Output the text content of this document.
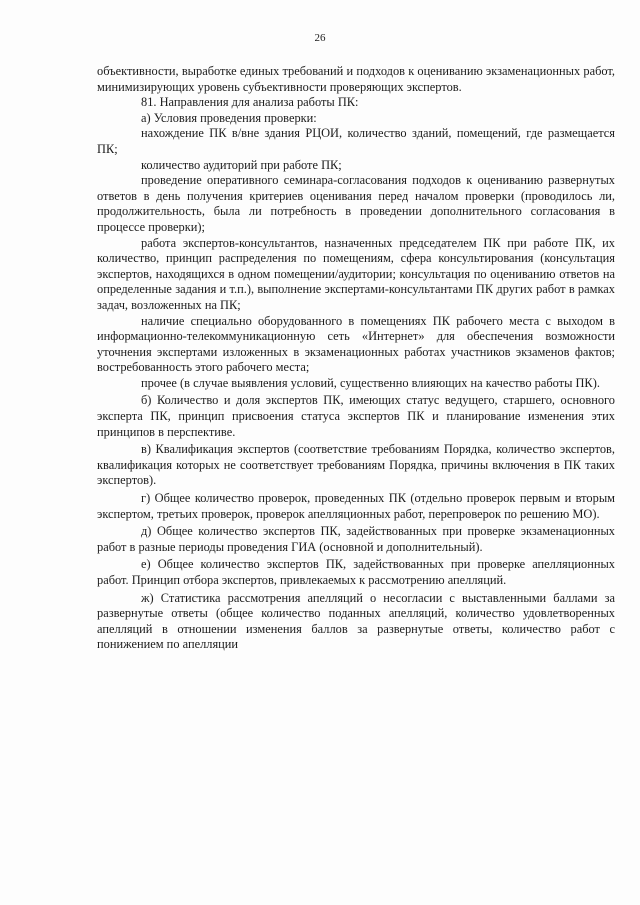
26

объективности, выработке единых требований и подходов к оцениванию экзаменационных работ, минимизирующих уровень субъективности проверяющих экспертов.

81. Направления для анализа работы ПК:

а) Условия проведения проверки:

нахождение ПК в/вне здания РЦОИ, количество зданий, помещений, где размещается ПК;

количество аудиторий при работе ПК;

проведение оперативного семинара-согласования подходов к оцениванию развернутых ответов в день получения критериев оценивания перед началом проверки (проводилось ли, продолжительность, была ли потребность в проведении дополнительного согласования в процессе проверки);

работа экспертов-консультантов, назначенных председателем ПК при работе ПК, их количество, принцип распределения по помещениям, сфера консультирования (консультация экспертов, находящихся в одном помещении/аудитории; консультация по оцениванию ответов на определенные задания и т.п.), выполнение экспертами-консультантами ПК других работ в рамках задач, возложенных на ПК;

наличие специально оборудованного в помещениях ПК рабочего места с выходом в информационно-телекоммуникационную сеть «Интернет» для обеспечения возможности уточнения экспертами изложенных в экзаменационных работах участников экзаменов фактов; востребованность этого рабочего места;

прочее (в случае выявления условий, существенно влияющих на качество работы ПК).

б) Количество и доля экспертов ПК, имеющих статус ведущего, старшего, основного эксперта ПК, принцип присвоения статуса экспертов ПК и планирование изменения этих принципов в перспективе.

в) Квалификация экспертов (соответствие требованиям Порядка, количество экспертов, квалификация которых не соответствует требованиям Порядка, причины включения в ПК таких экспертов).

г) Общее количество проверок, проведенных ПК (отдельно проверок первым и вторым экспертом, третьих проверок, проверок апелляционных работ, перепроверок по решению МО).

д) Общее количество экспертов ПК, задействованных при проверке экзаменационных работ в разные периоды проведения ГИА (основной и дополнительный).

е) Общее количество экспертов ПК, задействованных при проверке апелляционных работ. Принцип отбора экспертов, привлекаемых к рассмотрению апелляций.

ж) Статистика рассмотрения апелляций о несогласии с выставленными баллами за развернутые ответы (общее количество поданных апелляций, количество удовлетворенных апелляций в отношении изменения баллов за развернутые ответы, количество работ с понижением по апелляции
